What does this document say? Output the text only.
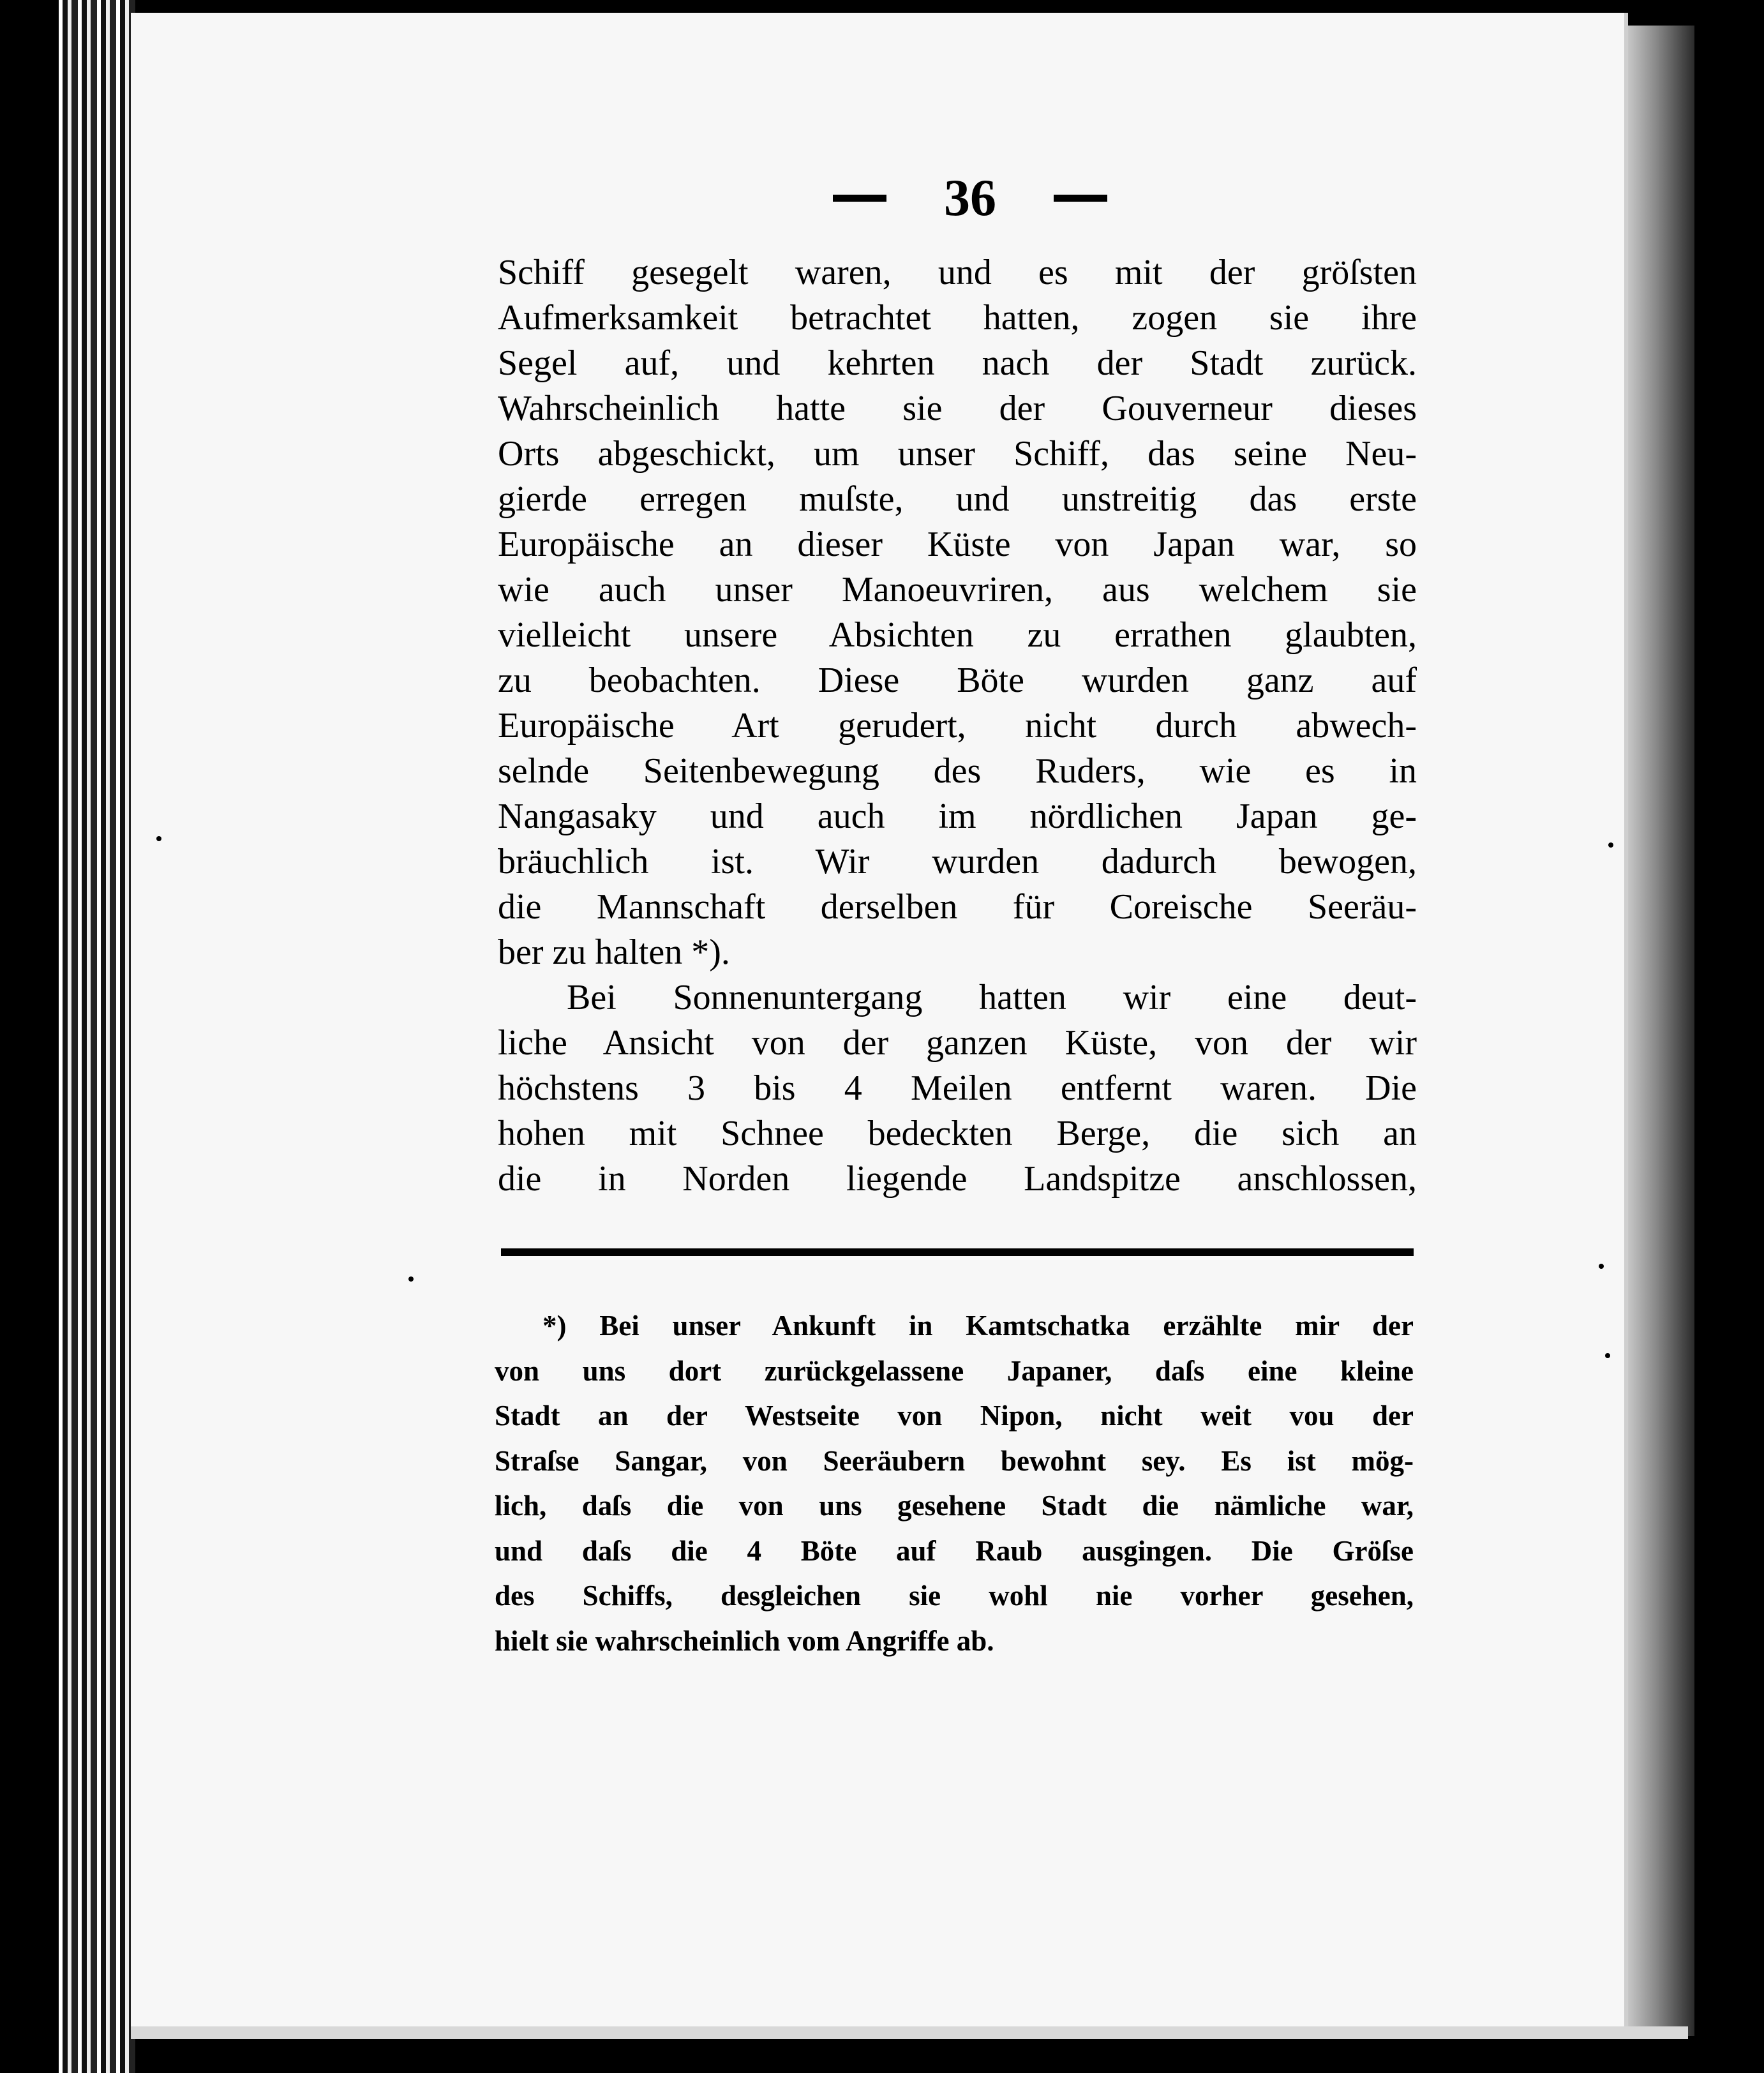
36
Schiff gesegelt waren, und es mit der gröſsten
Aufmerksamkeit betrachtet hatten, zogen sie ihre
Segel auf, und kehrten nach der Stadt zurück.
Wahrscheinlich hatte sie der Gouverneur dieses
Orts abgeschickt, um unser Schiff, das seine Neu-
gierde erregen muſste, und unstreitig das erste
Europäische an dieser Küste von Japan war, so
wie auch unser Manoeuvriren, aus welchem sie
vielleicht unsere Absichten zu errathen glaubten,
zu beobachten. Diese Böte wurden ganz auf
Europäische Art gerudert, nicht durch abwech-
selnde Seitenbewegung des Ruders, wie es in
Nangasaky und auch im nördlichen Japan ge-
bräuchlich ist. Wir wurden dadurch bewogen,
die Mannschaft derselben für Coreische Seeräu-
ber zu halten *).
Bei Sonnenuntergang hatten wir eine deut-
liche Ansicht von der ganzen Küste, von der wir
höchstens 3 bis 4 Meilen entfernt waren. Die
hohen mit Schnee bedeckten Berge, die sich an
die in Norden liegende Landspitze anschlossen,
*) Bei unser Ankunft in Kamtschatka erzählte mir der
von uns dort zurückgelassene Japaner, daſs eine kleine
Stadt an der Westseite von Nipon, nicht weit vou der
Straſse Sangar, von Seeräubern bewohnt sey. Es ist mög-
lich, daſs die von uns gesehene Stadt die nämliche war,
und daſs die 4 Böte auf Raub ausgingen. Die Gröſse
des Schiffs, desgleichen sie wohl nie vorher gesehen,
hielt sie wahrscheinlich vom Angriffe ab.
